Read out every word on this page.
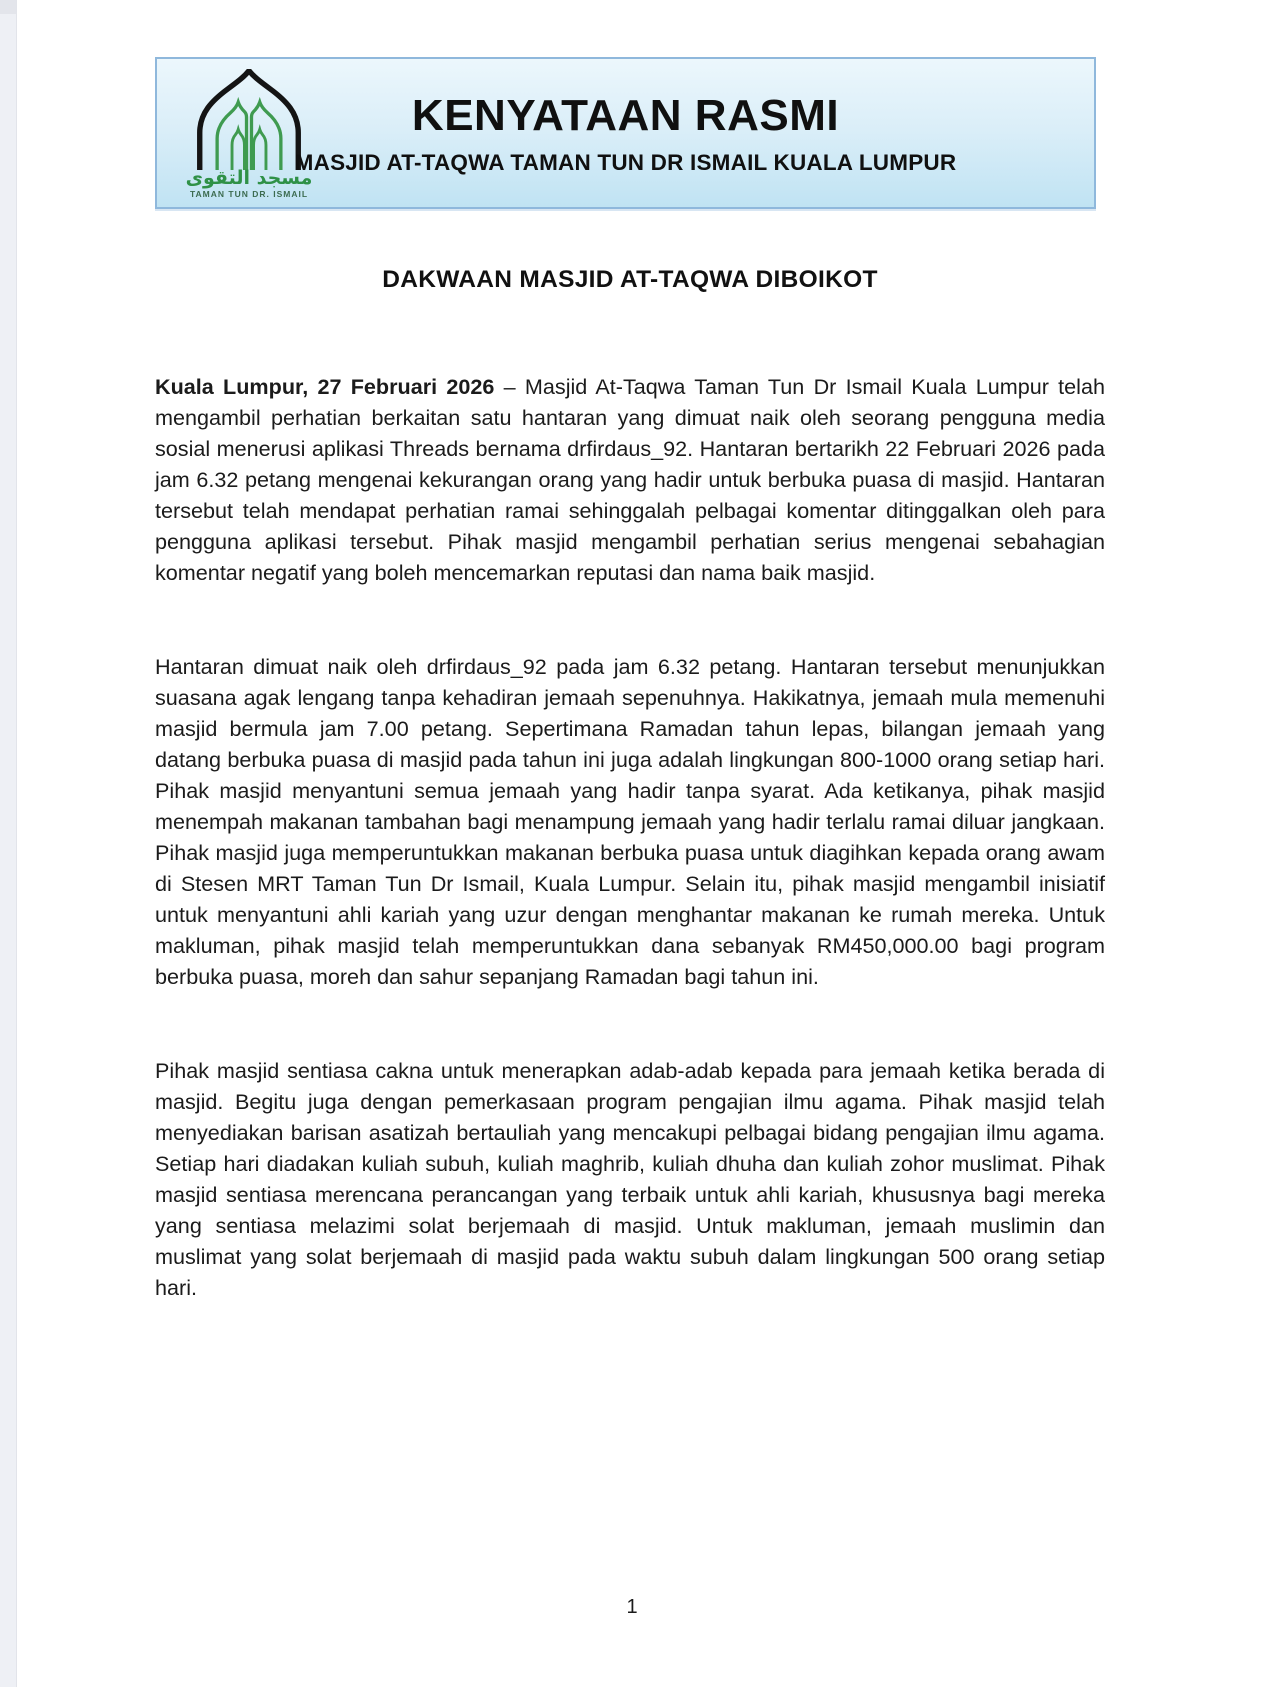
مسجد التقوى
TAMAN TUN DR. ISMAIL
KENYATAAN RASMI
MASJID AT-TAQWA TAMAN TUN DR ISMAIL KUALA LUMPUR
DAKWAAN MASJID AT-TAQWA DIBOIKOT

Kuala Lumpur, 27 Februari 2026 – Masjid At-Taqwa Taman Tun Dr Ismail Kuala Lumpur telah mengambil perhatian berkaitan satu hantaran yang dimuat naik oleh seorang pengguna media sosial menerusi aplikasi Threads bernama drfirdaus_92. Hantaran bertarikh 22 Februari 2026 pada jam 6.32 petang mengenai kekurangan orang yang hadir untuk berbuka puasa di masjid. Hantaran tersebut telah mendapat perhatian ramai sehinggalah pelbagai komentar ditinggalkan oleh para pengguna aplikasi tersebut. Pihak masjid mengambil perhatian serius mengenai sebahagian komentar negatif yang boleh mencemarkan reputasi dan nama baik masjid.

Hantaran dimuat naik oleh drfirdaus_92 pada jam 6.32 petang. Hantaran tersebut menunjukkan suasana agak lengang tanpa kehadiran jemaah sepenuhnya. Hakikatnya, jemaah mula memenuhi masjid bermula jam 7.00 petang. Sepertimana Ramadan tahun lepas, bilangan jemaah yang datang berbuka puasa di masjid pada tahun ini juga adalah lingkungan 800-1000 orang setiap hari. Pihak masjid menyantuni semua jemaah yang hadir tanpa syarat. Ada ketikanya, pihak masjid menempah makanan tambahan bagi menampung jemaah yang hadir terlalu ramai diluar jangkaan. Pihak masjid juga memperuntukkan makanan berbuka puasa untuk diagihkan kepada orang awam di Stesen MRT Taman Tun Dr Ismail, Kuala Lumpur. Selain itu, pihak masjid mengambil inisiatif untuk menyantuni ahli kariah yang uzur dengan menghantar makanan ke rumah mereka. Untuk makluman, pihak masjid telah memperuntukkan dana sebanyak RM450,000.00 bagi program berbuka puasa, moreh dan sahur sepanjang Ramadan bagi tahun ini.

Pihak masjid sentiasa cakna untuk menerapkan adab-adab kepada para jemaah ketika berada di masjid. Begitu juga dengan pemerkasaan program pengajian ilmu agama. Pihak masjid telah menyediakan barisan asatizah bertauliah yang mencakupi pelbagai bidang pengajian ilmu agama. Setiap hari diadakan kuliah subuh, kuliah maghrib, kuliah dhuha dan kuliah zohor muslimat. Pihak masjid sentiasa merencana perancangan yang terbaik untuk ahli kariah, khususnya bagi mereka yang sentiasa melazimi solat berjemaah di masjid. Untuk makluman, jemaah muslimin dan muslimat yang solat berjemaah di masjid pada waktu subuh dalam lingkungan 500 orang setiap hari.

1
